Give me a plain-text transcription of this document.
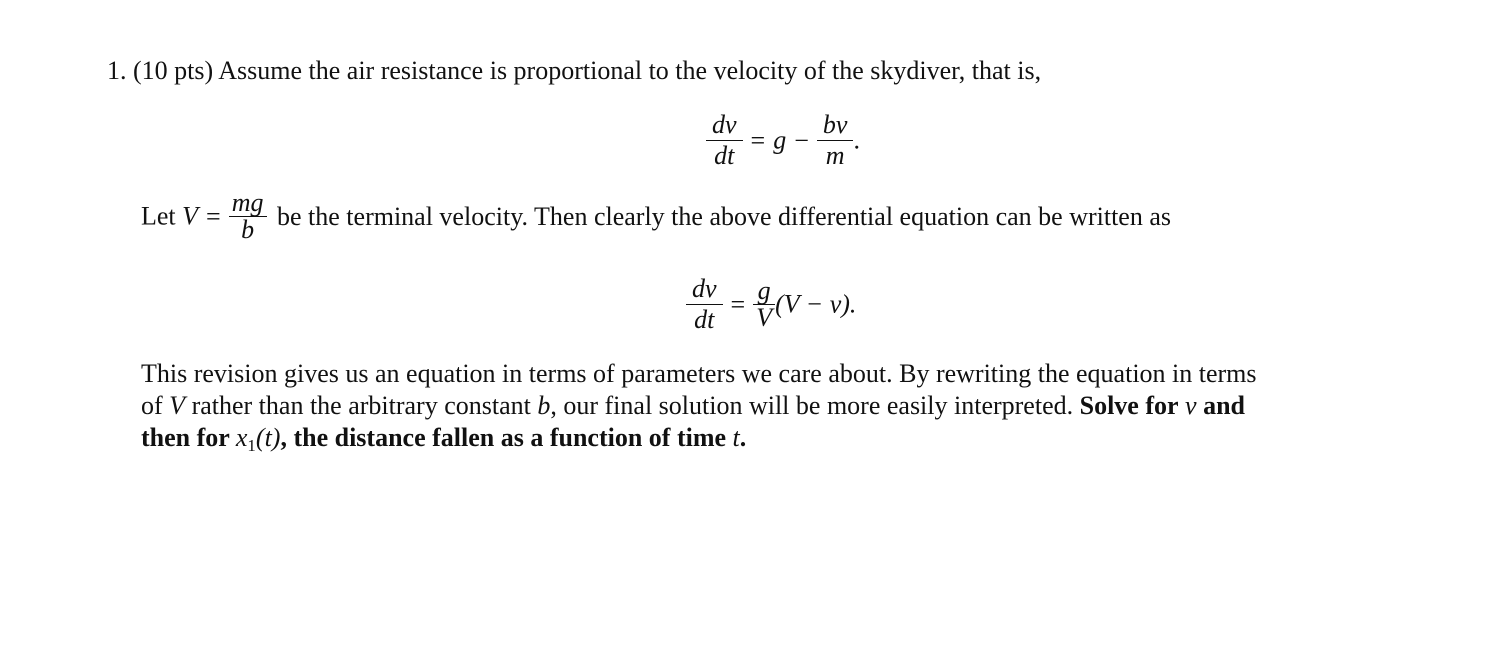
1. (10 pts) Assume the air resistance is proportional to the velocity of the skydiver, that is,
$\frac{dv}{dt} = g - \frac{bv}{m}$ .
Let $V = \frac{mg}{b}$ be the terminal velocity. Then clearly the above differential equation can be written as
$\frac{dv}{dt} = \frac{g}{V} (V - v)$.
This revision gives us an equation in terms of parameters we care about. By rewriting the equation in terms
of V rather than the arbitrary constant b, our final solution will be more easily interpreted. Solve for v and
then for $x_1(t)$, the distance fallen as a function of time t.
